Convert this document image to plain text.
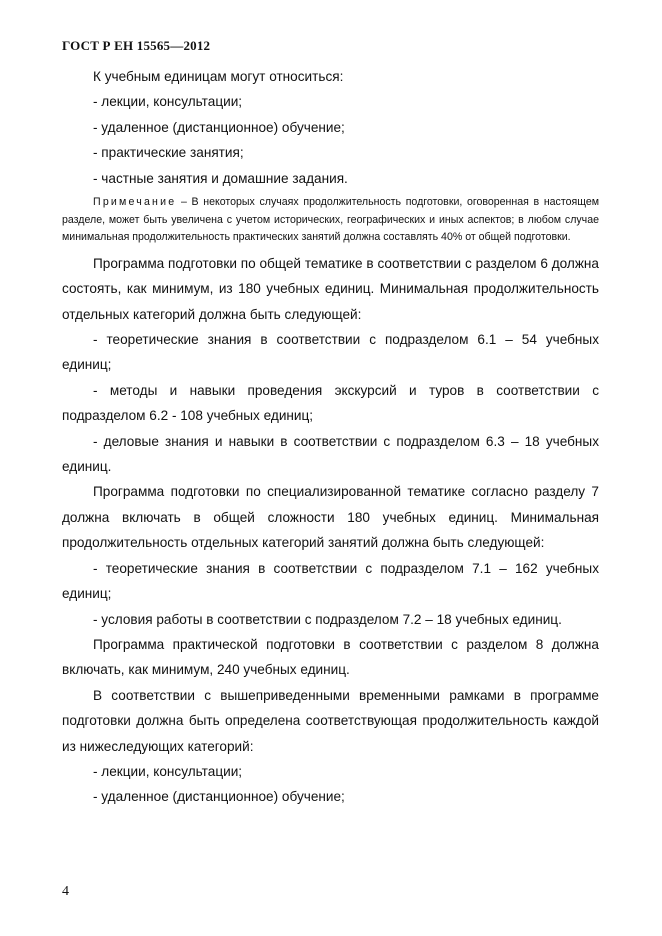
ГОСТ Р ЕН 15565—2012

К учебным единицам могут относиться:

- лекции, консультации;

- удаленное (дистанционное) обучение;

- практические занятия;

- частные занятия и домашние задания.

Примечание – В некоторых случаях продолжительность подготовки, оговоренная в настоящем разделе, может быть увеличена с учетом исторических, географических и иных аспектов; в любом случае минимальная продолжительность практических занятий должна составлять 40% от общей подготовки.

Программа подготовки по общей тематике в соответствии с разделом 6 должна состоять, как минимум, из 180 учебных единиц. Минимальная продолжительность отдельных категорий должна быть следующей:

- теоретические знания в соответствии с подразделом 6.1 – 54 учебных единиц;

- методы и навыки проведения экскурсий и туров в соответствии с подразделом 6.2 - 108 учебных единиц;

- деловые знания и навыки в соответствии с подразделом 6.3 – 18 учебных единиц.

Программа подготовки по специализированной тематике согласно разделу 7 должна включать в общей сложности 180 учебных единиц. Минимальная продолжительность отдельных категорий занятий должна быть следующей:

- теоретические знания в соответствии с подразделом 7.1 – 162 учебных единиц;

- условия работы в соответствии с подразделом 7.2 – 18 учебных единиц.

Программа практической подготовки в соответствии с разделом 8 должна включать, как минимум, 240 учебных единиц.

В соответствии с вышеприведенными временными рамками в программе подготовки должна быть определена соответствующая продолжительность каждой из нижеследующих категорий:

- лекции, консультации;

- удаленное (дистанционное) обучение;

4
